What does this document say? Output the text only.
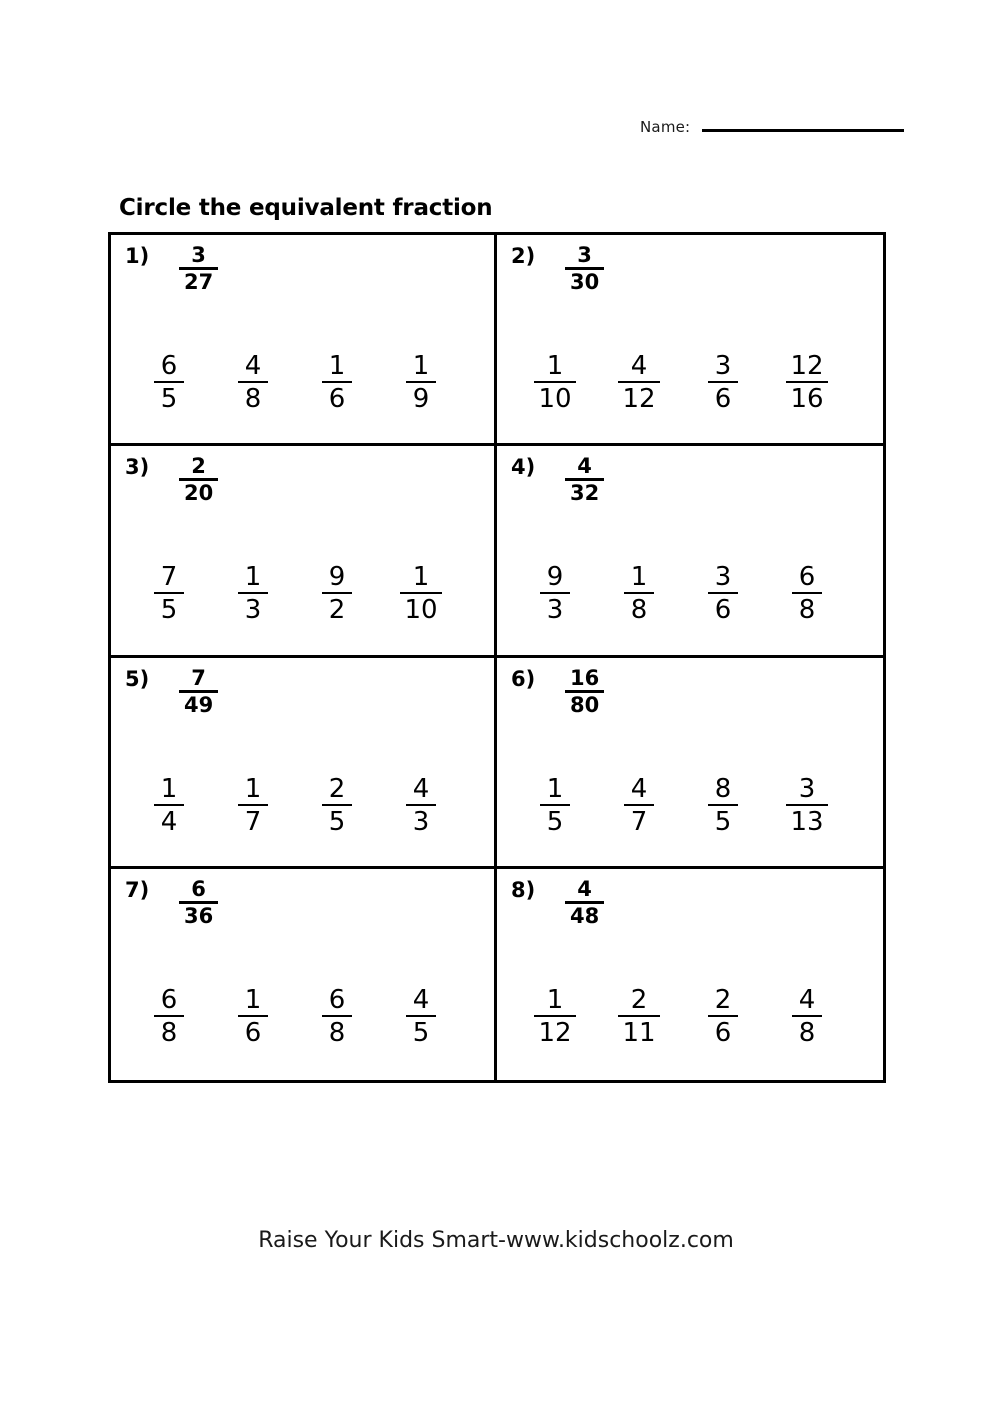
Name:
Circle the equivalent fraction
1)	$\frac{3}{27}$
$\frac{6}{5} \frac{4}{8} \frac{1}{6} \frac{1}{9}$
2)	$\frac{3}{30}$
$\frac{1}{10} \frac{4}{12} \frac{3}{6} \frac{12}{16}$
3)	$\frac{2}{20}$
$\frac{7}{5} \frac{1}{3} \frac{9}{2} \frac{1}{10}$
4)	$\frac{4}{32}$
$\frac{9}{3} \frac{1}{8} \frac{3}{6} \frac{6}{8}$
5)	$\frac{7}{49}$
$\frac{1}{4} \frac{1}{7} \frac{2}{5} \frac{4}{3}$
6)	$\frac{16}{80}$
$\frac{1}{5} \frac{4}{7} \frac{8}{5} \frac{3}{13}$
7)	$\frac{6}{36}$
$\frac{6}{8} \frac{1}{6} \frac{6}{8} \frac{4}{5}$
8)	$\frac{4}{48}$
$\frac{1}{12} \frac{2}{11} \frac{2}{6} \frac{4}{8}$
Raise Your Kids Smart-www.kidschoolz.com
